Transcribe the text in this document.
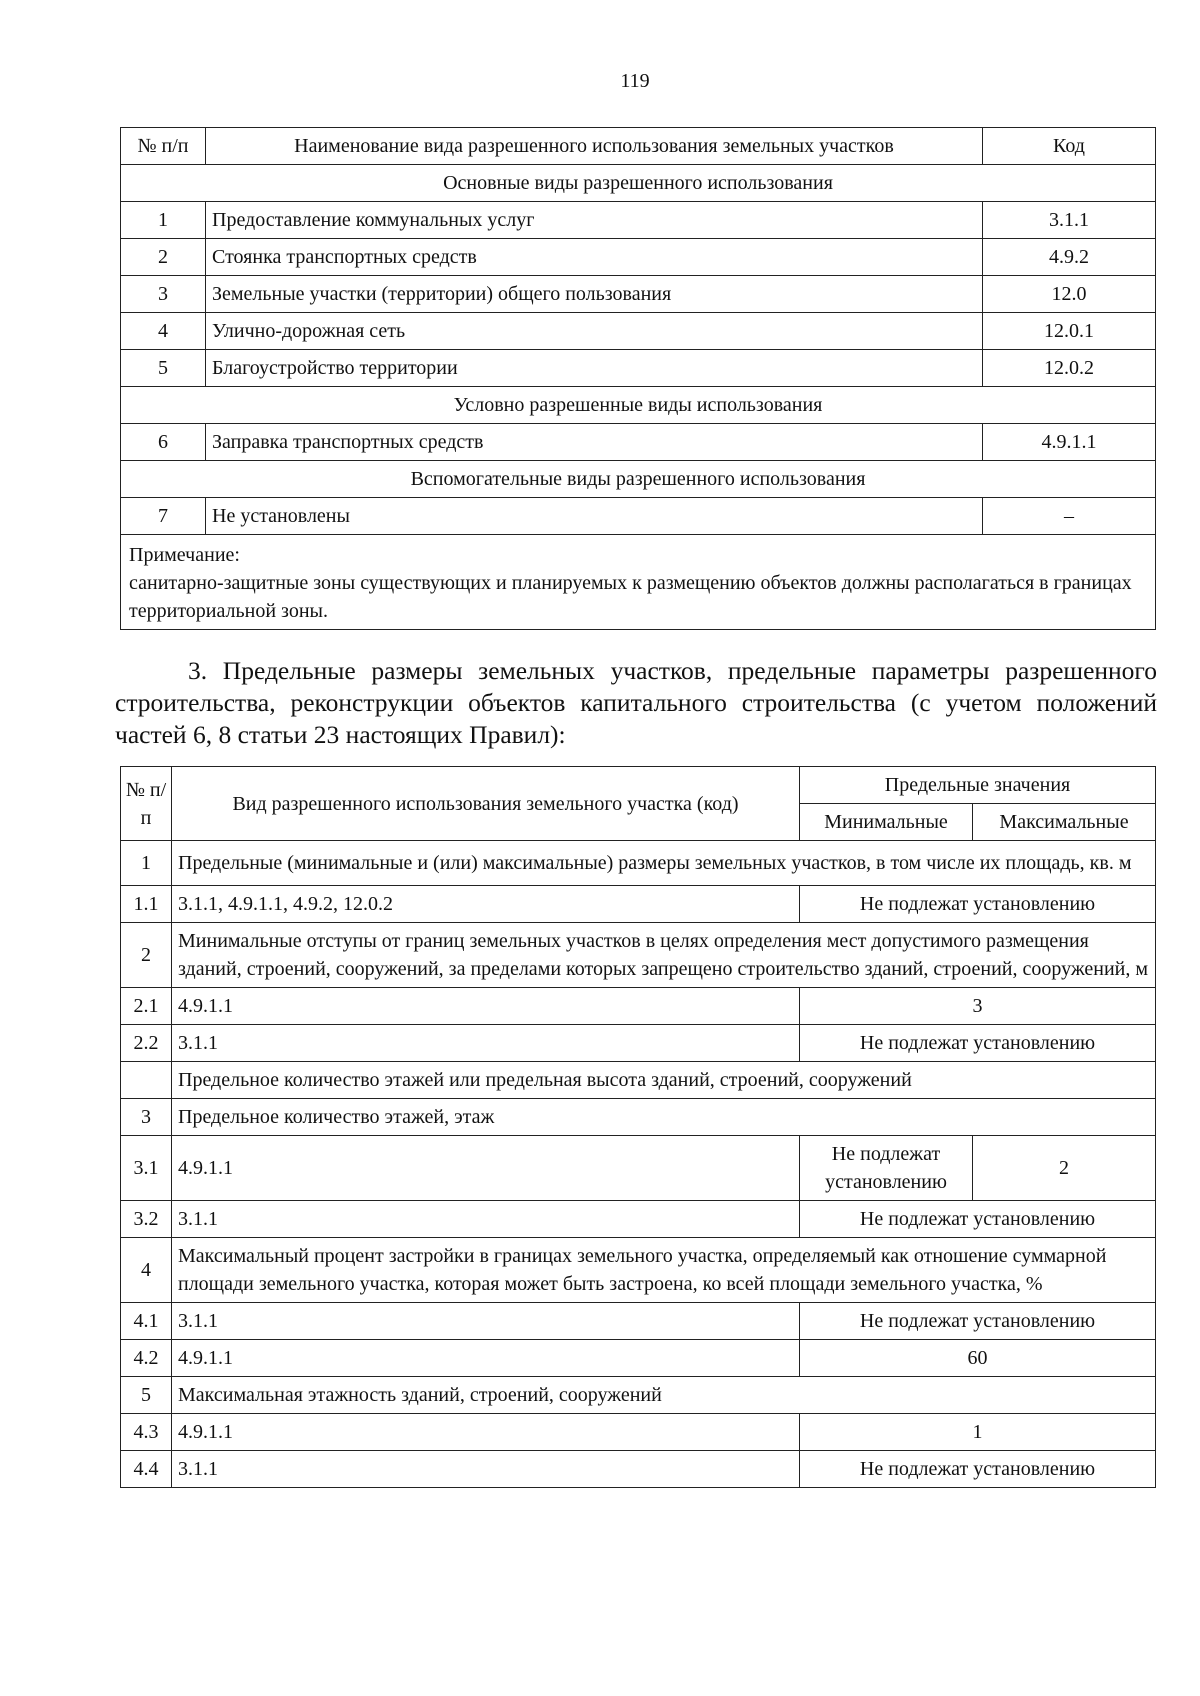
119
№ п/п	Наименование вида разрешенного использования земельных участков	Код
Основные виды разрешенного использования		
1	Предоставление коммунальных услуг	3.1.1
2	Стоянка транспортных средств	4.9.2
3	Земельные участки (территории) общего пользования	12.0
4	Улично-дорожная сеть	12.0.1
5	Благоустройство территории	12.0.2
Условно разрешенные виды использования		
6	Заправка транспортных средств	4.9.1.1
Вспомогательные виды разрешенного использования		
7	Не установлены	–

Примечание:
санитарно-защитные зоны существующих и планируемых к размещению объектов должны располагаться в границах территориальной зоны.		
3. Предельные размеры земельных участков, предельные параметры разрешенного строительства, реконструкции объектов капитального строительства (с учетом положений частей 6, 8 статьи 23 настоящих Правил):
№ п/п	Вид разрешенного использования земельного участка (код)	Предельные значения	
		Минимальные	Максимальные
1	Предельные (минимальные и (или) максимальные) размеры земельных участков, в том числе их площадь, кв. м		
1.1	3.1.1, 4.9.1.1, 4.9.2, 12.0.2	Не подлежат установлению	
2	Минимальные отступы от границ земельных участков в целях определения мест допустимого размещения зданий, строений, сооружений, за пределами которых запрещено строительство зданий, строений, сооружений, м		
2.1	4.9.1.1	3	
2.2	3.1.1	Не подлежат установлению	
	Предельное количество этажей или предельная высота зданий, строений, сооружений		
3	Предельное количество этажей, этаж		
3.1	4.9.1.1	Не подлежат установлению	2
3.2	3.1.1	Не подлежат установлению	
4	Максимальный процент застройки в границах земельного участка, определяемый как отношение суммарной площади земельного участка, которая может быть застроена, ко всей площади земельного участка, %		
4.1	3.1.1	Не подлежат установлению	
4.2	4.9.1.1	60	
5	Максимальная этажность зданий, строений, сооружений		
4.3	4.9.1.1	1	
4.4	3.1.1	Не подлежат установлению	
